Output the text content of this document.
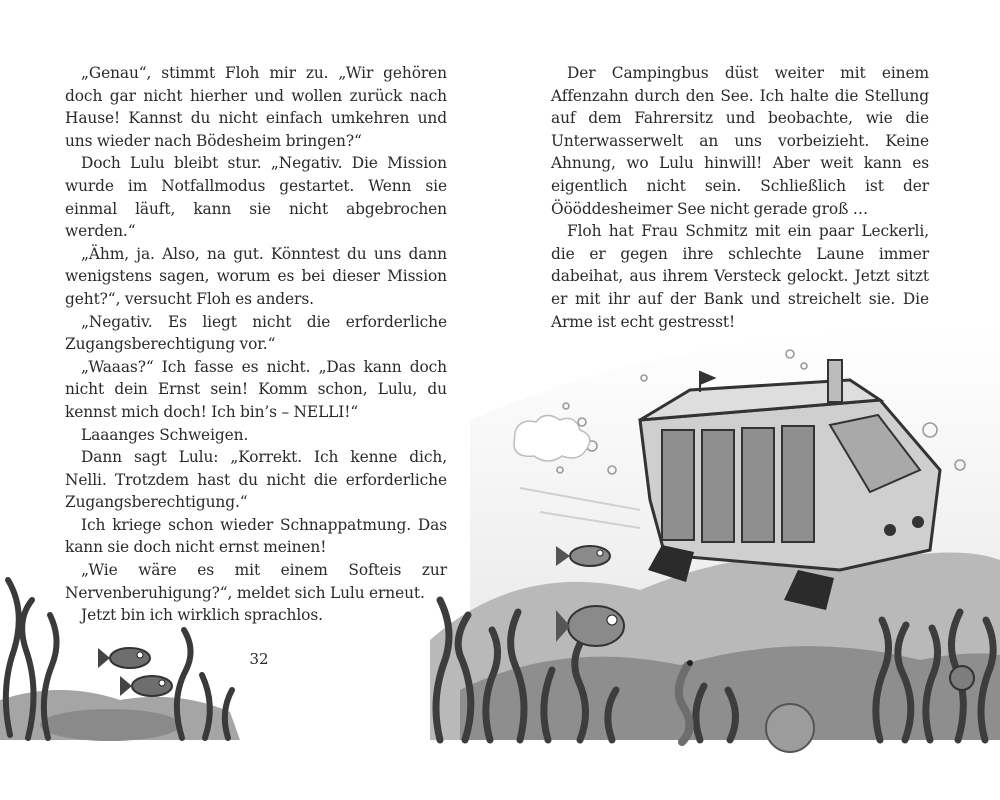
„Genau“, stimmt Floh mir zu. „Wir gehören doch gar nicht hierher und wollen zurück nach Hause! Kannst du nicht einfach umkehren und uns wieder nach Bödesheim bringen?“

Doch Lulu bleibt stur. „Negativ. Die Mission wurde im Notfallmodus gestartet. Wenn sie einmal läuft, kann sie nicht abgebrochen werden.“

„Ähm, ja. Also, na gut. Könntest du uns dann wenigstens sagen, worum es bei dieser Mission geht?“, versucht Floh es anders.

„Negativ. Es liegt nicht die erforderliche Zugangsberechtigung vor.“

„Waaas?“ Ich fasse es nicht. „Das kann doch nicht dein Ernst sein! Komm schon, Lulu, du kennst mich doch! Ich bin’s – NELLI!“

Laaanges Schweigen.

Dann sagt Lulu: „Korrekt. Ich kenne dich, Nelli. Trotzdem hast du nicht die erforderliche Zugangsberechtigung.“

Ich kriege schon wieder Schnappatmung. Das kann sie doch nicht ernst meinen!

„Wie wäre es mit einem Softeis zur Nervenberuhigung?“, meldet sich Lulu erneut.

Jetzt bin ich wirklich sprachlos.

32

Der Campingbus düst weiter mit einem Affenzahn durch den See. Ich halte die Stellung auf dem Fahrersitz und beobachte, wie die Unterwasserwelt an uns vorbeizieht. Keine Ahnung, wo Lulu hinwill! Aber weit kann es eigentlich nicht sein. Schließlich ist der Öööddesheimer See nicht gerade groß …

Floh hat Frau Schmitz mit ein paar Leckerli, die er gegen ihre schlechte Laune immer dabeihat, aus ihrem Versteck gelockt. Jetzt sitzt er mit ihr auf der Bank und streichelt sie. Die Arme ist echt gestresst!
